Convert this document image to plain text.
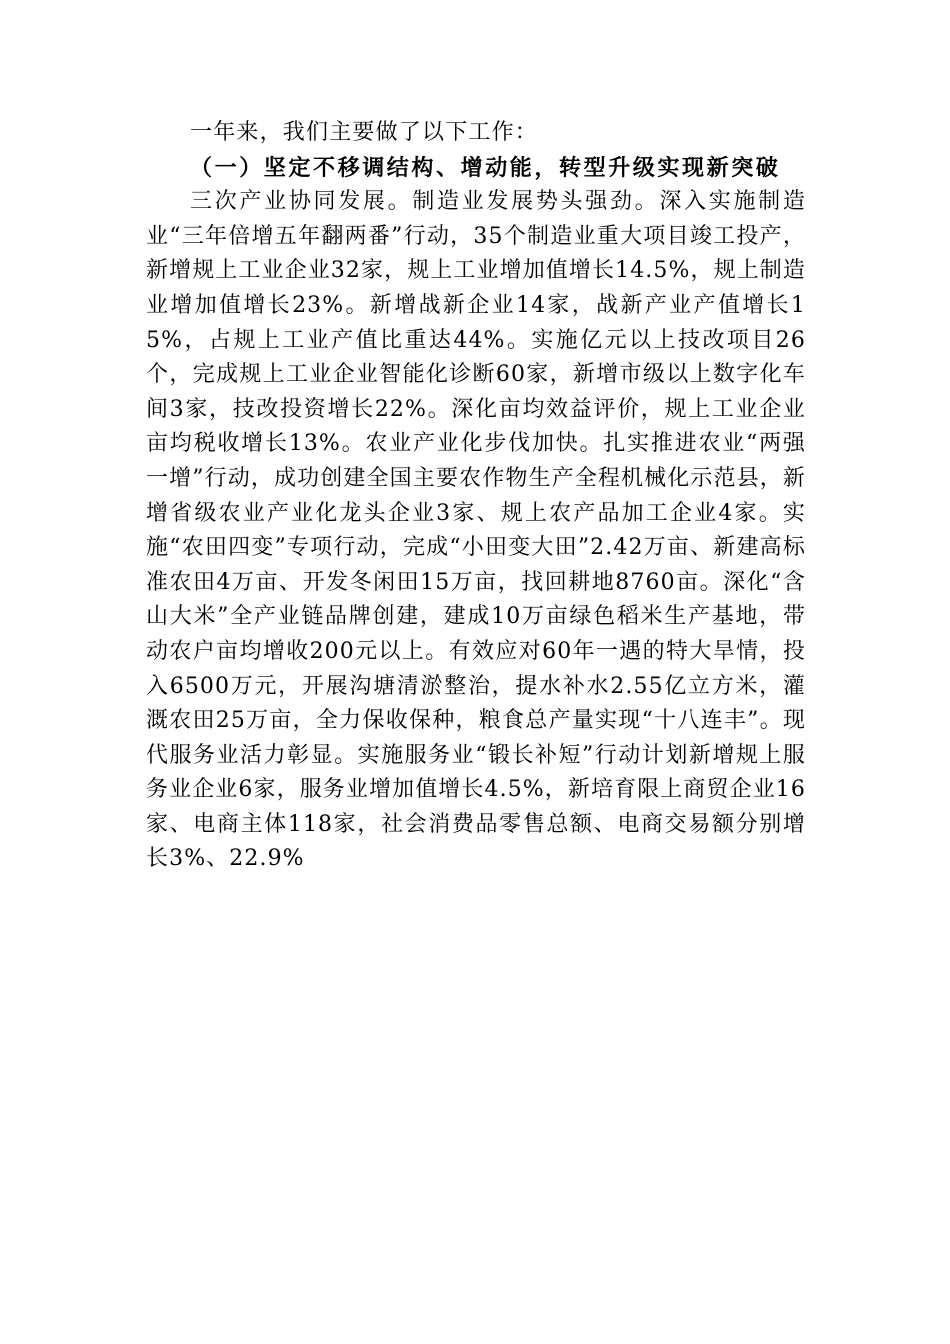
一年来，我们主要做了以下工作：

（一）坚定不移调结构、增动能，转型升级实现新突破

三次产业协同发展。制造业发展势头强劲。深入实施制造业“三年倍增五年翻两番”行动，35个制造业重大项目竣工投产，新增规上工业企业32家，规上工业增加值增长14.5%，规上制造业增加值增长23%。新增战新企业14家，战新产业产值增长15%，占规上工业产值比重达44%。实施亿元以上技改项目26个，完成规上工业企业智能化诊断60家，新增市级以上数字化车间3家，技改投资增长22%。深化亩均效益评价，规上工业企业亩均税收增长13%。农业产业化步伐加快。扎实推进农业“两强一增”行动，成功创建全国主要农作物生产全程机械化示范县，新增省级农业产业化龙头企业3家、规上农产品加工企业4家。实施“农田四变”专项行动，完成“小田变大田”2.42万亩、新建高标准农田4万亩、开发冬闲田15万亩，找回耕地8760亩。深化“含山大米”全产业链品牌创建，建成10万亩绿色稻米生产基地，带动农户亩均增收200元以上。有效应对60年一遇的特大旱情，投入6500万元，开展沟塘清淤整治，提水补水2.55亿立方米，灌溉农田25万亩，全力保收保种，粮食总产量实现“十八连丰”。现代服务业活力彰显。实施服务业“锻长补短”行动计划新增规上服务业企业6家，服务业增加值增长4.5%，新培育限上商贸企业16家、电商主体118家，社会消费品零售总额、电商交易额分别增长3%、22.9%
